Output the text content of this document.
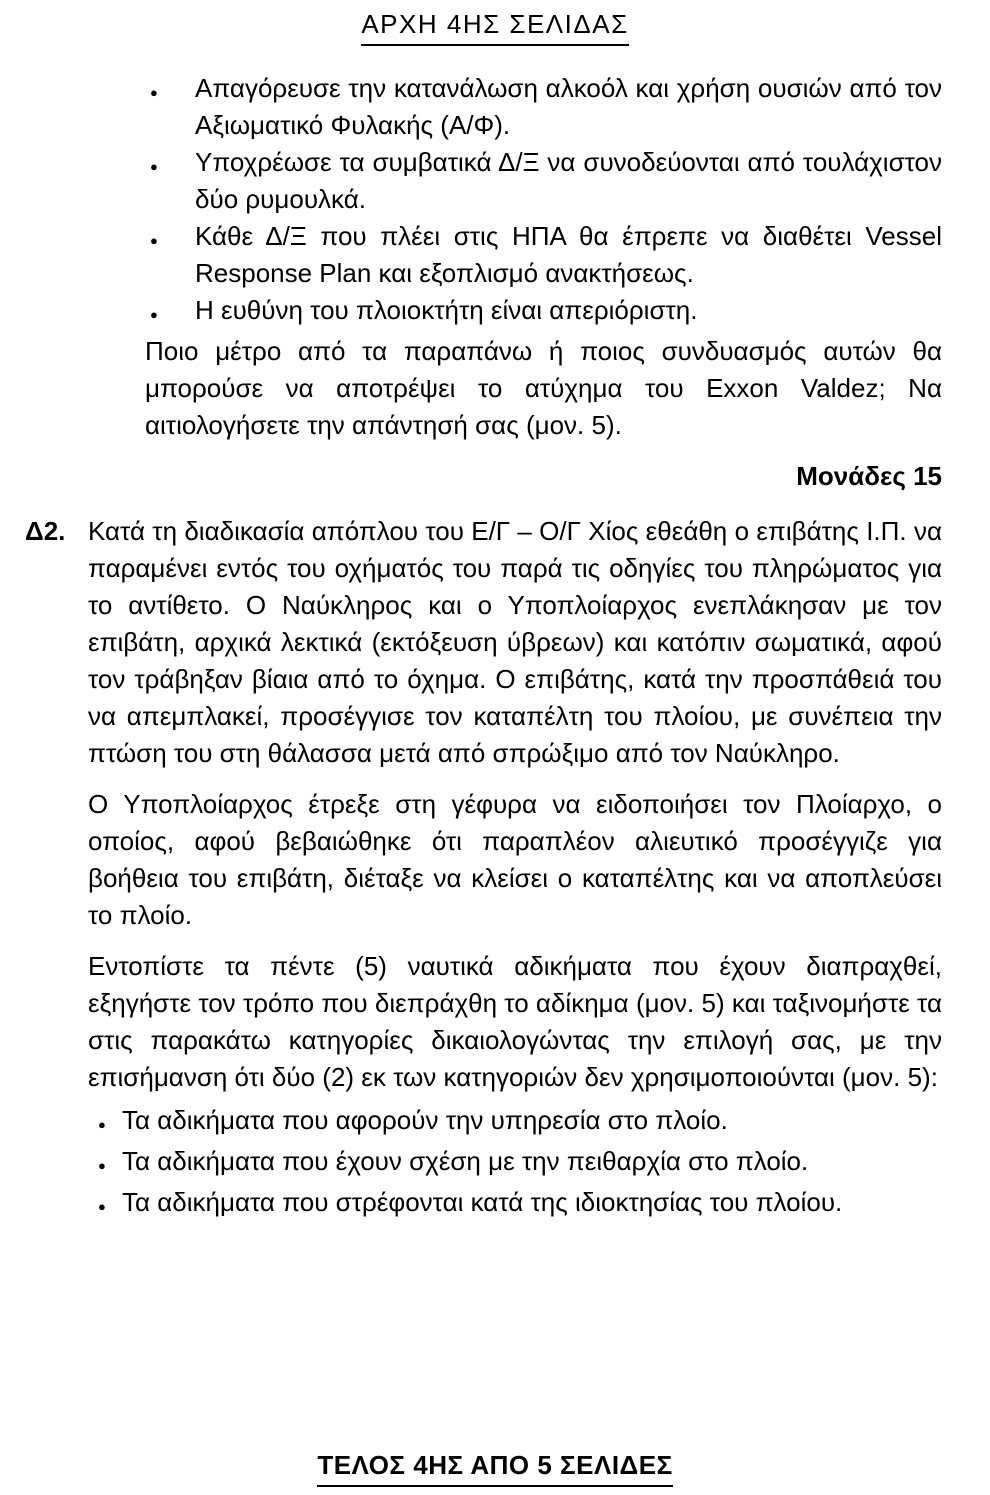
ΑΡΧΗ 4ΗΣ ΣΕΛΙΔΑΣ
●	Απαγόρευσε την κατανάλωση αλκοόλ και χρήση ουσιών από τον Αξιωματικό Φυλακής (Α/Φ).
●	Υποχρέωσε τα συμβατικά Δ/Ξ να συνοδεύονται από τουλάχιστον δύο ρυμουλκά.
●	Κάθε Δ/Ξ που πλέει στις ΗΠΑ θα έπρεπε να διαθέτει Vessel Response Plan και εξοπλισμό ανακτήσεως.
●	Η ευθύνη του πλοιοκτήτη είναι απεριόριστη.
Ποιο μέτρο από τα παραπάνω ή ποιος συνδυασμός αυτών θα μπορούσε να αποτρέψει το ατύχημα του Exxon Valdez; Να αιτιολογήσετε την απάντησή σας (μον. 5).
Μονάδες 15
Δ2. Κατά τη διαδικασία απόπλου του Ε/Γ – Ο/Γ Χίος εθεάθη ο επιβάτης Ι.Π. να παραμένει εντός του οχήματός του παρά τις οδηγίες του πληρώματος για το αντίθετο. Ο Ναύκληρος και ο Υποπλοίαρχος ενεπλάκησαν με τον επιβάτη, αρχικά λεκτικά (εκτόξευση ύβρεων) και κατόπιν σωματικά, αφού τον τράβηξαν βίαια από το όχημα. Ο επιβάτης, κατά την προσπάθειά του να απεμπλακεί, προσέγγισε τον καταπέλτη του πλοίου, με συνέπεια την πτώση του στη θάλασσα μετά από σπρώξιμο από τον Ναύκληρο.

Ο Υποπλοίαρχος έτρεξε στη γέφυρα να ειδοποιήσει τον Πλοίαρχο, ο οποίος, αφού βεβαιώθηκε ότι παραπλέον αλιευτικό προσέγγιζε για βοήθεια του επιβάτη, διέταξε να κλείσει ο καταπέλτης και να αποπλεύσει το πλοίο.

Εντοπίστε τα πέντε (5) ναυτικά αδικήματα που έχουν διαπραχθεί, εξηγήστε τον τρόπο που διεπράχθη το αδίκημα (μον. 5) και ταξινομήστε τα στις παρακάτω κατηγορίες δικαιολογώντας την επιλογή σας, με την επισήμανση ότι δύο (2) εκ των κατηγοριών δεν χρησιμοποιούνται (μον. 5):

● Τα αδικήματα που αφορούν την υπηρεσία στο πλοίο.
● Τα αδικήματα που έχουν σχέση με την πειθαρχία στο πλοίο.
● Τα αδικήματα που στρέφονται κατά της ιδιοκτησίας του πλοίου.
ΤΕΛΟΣ 4ΗΣ ΑΠΟ 5 ΣΕΛΙΔΕΣ
